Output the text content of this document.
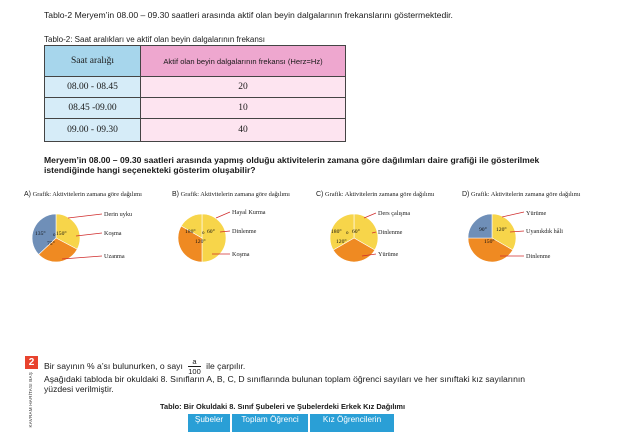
Tablo-2 Meryem’in 08.00 – 09.30 saatleri arasında aktif olan beyin dalgalarının frekanslarını göstermektedir.
Tablo-2: Saat aralıkları ve aktif olan beyin dalgalarının frekansı
Saat aralığı	Aktif olan beyin dalgalarının frekansı (Herz=Hz)
08.00 - 08.45	20
08.45 -09.00	10
09.00 - 09.30	40
Meryem’in 08.00 – 09.30 saatleri arasında yapmış olduğu aktivitelerin zamana göre dağılımları daire grafiği ile gösterilmek istendiğinde hangi seçenekteki gösterim oluşabilir?
A) Grafik: Aktivitelerin zamana göre dağılımı
135° 150°
75°
o
Derin uyku
Koşma
Uzanma
B) Grafik: Aktivitelerin zamana göre dağılımı
180° 60°
120°
o
Hayal Kurma
Dinlenme
Koşma
C) Grafik: Aktivitelerin zamana göre dağılımı
180° 60°
120°
o
Ders çalışma
Dinlenme
Yürüme
D) Grafik: Aktivitelerin zamana göre dağılımı
90° 120°
150°
Yürüme
Uyanıkdık hâli
Dinlenme
2
KAVRAM HARİTASI BAŞ
Bir sayının % a’sı bulunurken, o sayı $\frac{a}{100}$ ile çarpılır.
Aşağıdaki tabloda bir okuldaki 8. Sınıfların A, B, C, D sınıflarında bulunan toplam öğrenci sayıları ve her sınıftaki kız sayılarının yüzdesi verilmiştir.
Tablo: Bir Okuldaki 8. Sınıf Şubeleri ve Şubelerdeki Erkek Kız Dağılımı
Şubeler	Toplam Öğrenci	Kız Öğrencilerin
